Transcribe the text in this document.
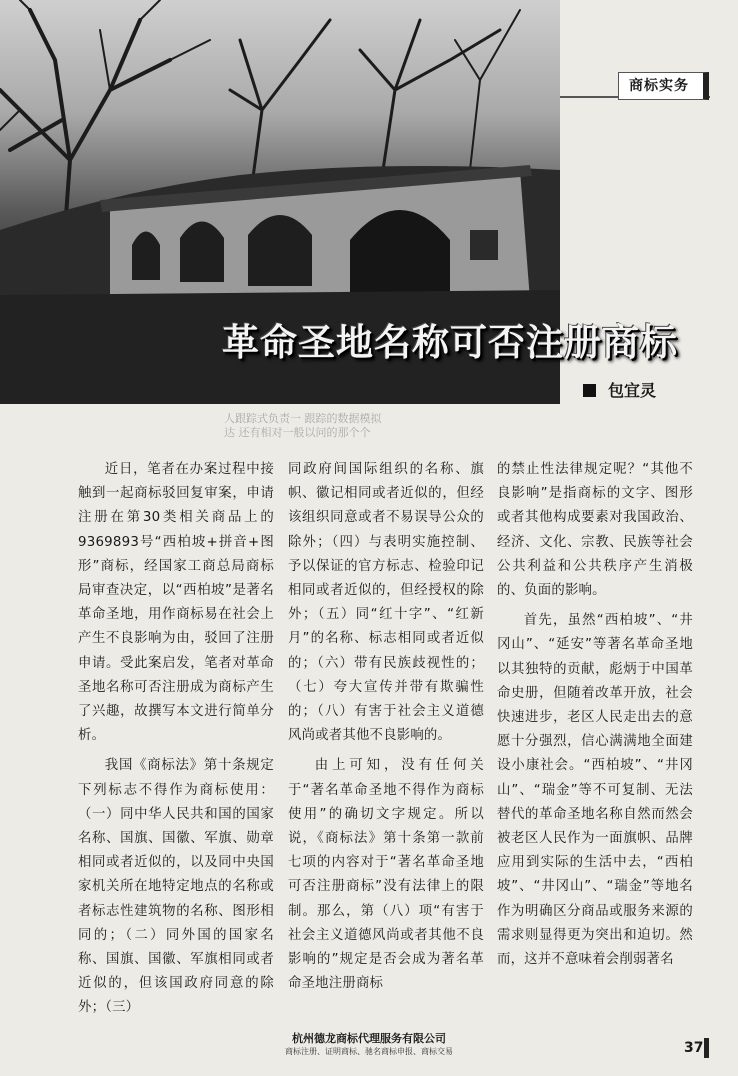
商标实务
革命圣地名称可否注册商标
包宜灵
人跟踪式负责一 跟踪的数据模拟
达 还有相对一般以问的那个个

近日，笔者在办案过程中接触到一起商标驳回复审案，申请注册在第30类相关商品上的9369893号“西柏坡+拼音+图形”商标，经国家工商总局商标局审查决定，以“西柏坡”是著名革命圣地，用作商标易在社会上产生不良影响为由，驳回了注册申请。受此案启发，笔者对革命圣地名称可否注册成为商标产生了兴趣，故撰写本文进行简单分析。

我国《商标法》第十条规定 下列标志不得作为商标使用：（一）同中华人民共和国的国家名称、国旗、国徽、军旗、勋章相同或者近似的，以及同中央国家机关所在地特定地点的名称或者标志性建筑物的名称、图形相同的；（二）同外国的国家名称、国旗、国徽、军旗相同或者近似的，但该国政府同意的除外；（三）

同政府间国际组织的名称、旗帜、徽记相同或者近似的，但经该组织同意或者不易误导公众的除外；（四）与表明实施控制、予以保证的官方标志、检验印记相同或者近似的，但经授权的除外；（五）同“红十字”、“红新月”的名称、标志相同或者近似的；（六）带有民族歧视性的；（七）夸大宣传并带有欺骗性的；（八）有害于社会主义道德风尚或者其他不良影响的。

由上可知，没有任何关于“著名革命圣地不得作为商标使用”的确切文字规定。所以说，《商标法》第十条第一款前七项的内容对于“著名革命圣地可否注册商标”没有法律上的限制。那么，第（八）项“有害于社会主义道德风尚或者其他不良影响的”规定是否会成为著名革命圣地注册商标

的禁止性法律规定呢？“其他不良影响”是指商标的文字、图形或者其他构成要素对我国政治、经济、文化、宗教、民族等社会公共利益和公共秩序产生消极的、负面的影响。

首先，虽然“西柏坡”、“井冈山”、“延安”等著名革命圣地以其独特的贡献，彪炳于中国革命史册，但随着改革开放，社会快速进步，老区人民走出去的意愿十分强烈，信心满满地全面建设小康社会。“西柏坡”、“井冈山”、“瑞金”等不可复制、无法替代的革命圣地名称自然而然会被老区人民作为一面旗帜、品牌应用到实际的生活中去，“西柏坡”、“井冈山”、“瑞金”等地名作为明确区分商品或服务来源的需求则显得更为突出和迫切。然而，这并不意味着会削弱著名

杭州德龙商标代理服务有限公司
商标注册、证明商标、驰名商标申报、商标交易	37
